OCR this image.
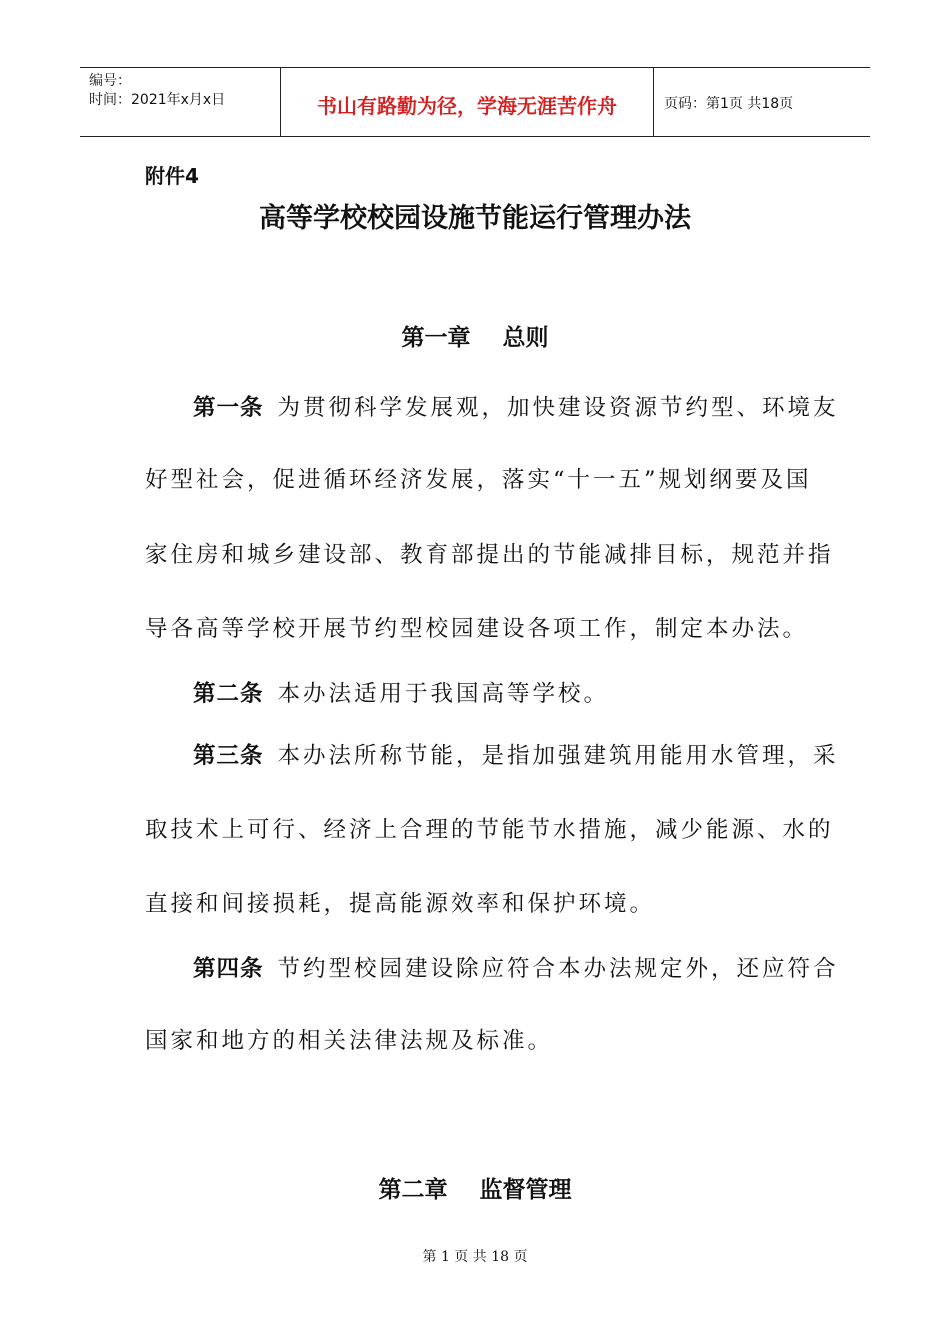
编号：
时间：2021年x月x日	书山有路勤为径，学海无涯苦作舟	页码：第1页 共18页
附件4
高等学校校园设施节能运行管理办法
第一章    总则
第一条 为贯彻科学发展观，加快建设资源节约型、环境友
好型社会，促进循环经济发展，落实“十一五”规划纲要及国
家住房和城乡建设部、教育部提出的节能减排目标，规范并指
导各高等学校开展节约型校园建设各项工作，制定本办法。
第二条 本办法适用于我国高等学校。
第三条 本办法所称节能，是指加强建筑用能用水管理，采
取技术上可行、经济上合理的节能节水措施，减少能源、水的
直接和间接损耗，提高能源效率和保护环境。
第四条 节约型校园建设除应符合本办法规定外，还应符合
国家和地方的相关法律法规及标准。
第二章    监督管理
第 1 页 共 18 页
